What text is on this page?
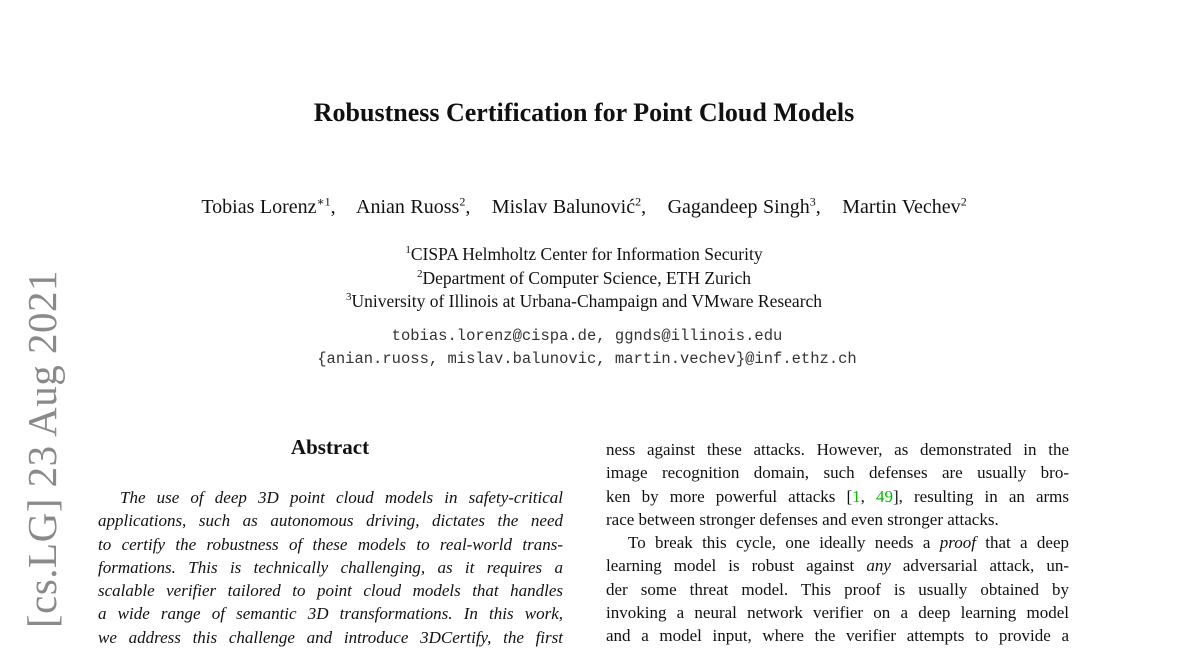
[cs.LG] 23 Aug 2021
Robustness Certification for Point Cloud Models
Tobias Lorenz$^{∗1}$, Anian Ruoss$^2$, Mislav Balunović$^2$, Gagandeep Singh$^3$, Martin Vechev$^2$
$^1$CISPA Helmholtz Center for Information Security
$^2$Department of Computer Science, ETH Zurich
$^3$University of Illinois at Urbana-Champaign and VMware Research
tobias.lorenz@cispa.de, ggnds@illinois.edu
{anian.ruoss, mislav.balunovic, martin.vechev}@inf.ethz.ch
Abstract
The use of deep 3D point cloud models in safety-critical
applications, such as autonomous driving, dictates the need
to certify the robustness of these models to real-world trans-
formations. This is technically challenging, as it requires a
scalable verifier tailored to point cloud models that handles
a wide range of semantic 3D transformations. In this work,
we address this challenge and introduce 3DCertify, the first
ness against these attacks. However, as demonstrated in the
image recognition domain, such defenses are usually bro-
ken by more powerful attacks [1, 49], resulting in an arms
race between stronger defenses and even stronger attacks.
To break this cycle, one ideally needs a proof that a deep
learning model is robust against any adversarial attack, un-
der some threat model. This proof is usually obtained by
invoking a neural network verifier on a deep learning model
and a model input, where the verifier attempts to provide a
